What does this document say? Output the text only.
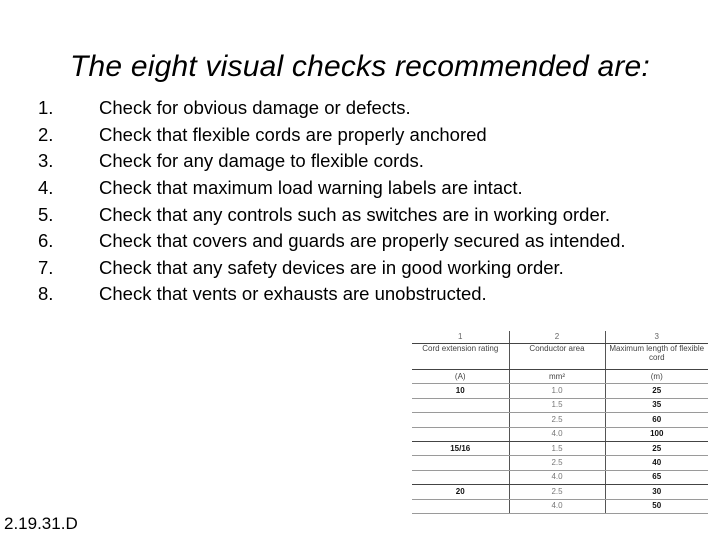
The eight visual checks recommended are:
1.	Check for obvious damage or defects.
2.	Check that flexible cords are properly anchored
3.	Check for any damage to flexible cords.
4.	Check that maximum load warning labels are intact.
5.	Check that any controls such as switches are in working order.
6.	Check that covers and guards are properly secured as intended.
7.	Check that any safety devices are in good working order.
8.	Check that vents or exhausts are unobstructed.
1	2	3
Cord extension rating	Conductor area	Maximum length of flexible cord
(A)	mm²	(m)
10	1.0	25
	1.5	35
	2.5	60
	4.0	100
15/16	1.5	25
	2.5	40
	4.0	65
20	2.5	30
	4.0	50
2.19.31.D
